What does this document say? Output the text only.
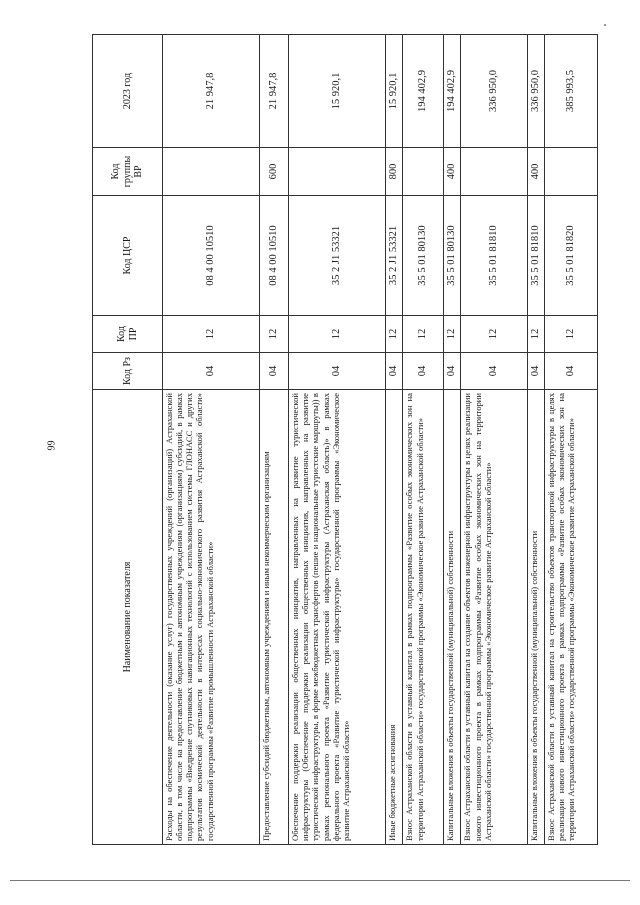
99
Наименование показателя	Код Рз	Код ПР	Код ЦСР	Код группы ВР	2023 год
Расходы на обеспечение деятельности (оказание услуг) государственных учреждений (организаций) Астраханской области, в том числе на предоставление бюджетным и автономным учреждениям (организациям) субсидий, в рамках подпрограммы «Внедрение спутниковых навигационных технологий с использованием системы ГЛОНАСС и других результатов космической деятельности в интересах социально-экономического развития Астраханской области» государственной программы «Развитие промышленности Астраханской области»	04	12	08 4 00 10510		21 947,8
Предоставление субсидий бюджетным, автономным учреждениям и иным некоммерческим организациям	04	12	08 4 00 10510	600	21 947,8
Обеспечение поддержки реализации общественных инициатив, направленных на развитие туристической инфраструктуры (Обеспечение поддержки реализации общественных инициатив, направленных на развитие туристической инфраструктуры, в форме межбюджетных трансфертов (пешие и национальные туристские маршруты)) в рамках регионального проекта «Развитие туристической инфраструктуры (Астраханская область)» в рамках федерального проекта «Развитие туристической инфраструктуры» государственной программы «Экономическое развитие Астраханской области»	04	12	35 2 J1 53321		15 920,1
Иные бюджетные ассигнования	04	12	35 2 J1 53321	800	15 920,1
Взнос Астраханской области в уставный капитал в рамках подпрограммы «Развитие особых экономических зон на территории Астраханской области» государственной программы «Экономическое развитие Астраханской области»	04	12	35 5 01 80130		194 402,9
Капитальные вложения в объекты государственной (муниципальной) собственности	04	12	35 5 01 80130	400	194 402,9
Взнос Астраханской области в уставный капитал на создание объектов инженерной инфраструктуры в целях реализации нового инвестиционного проекта в рамках подпрограммы «Развитие особых экономических зон на территории Астраханской области» государственной программы «Экономическое развитие Астраханской области»	04	12	35 5 01 81810		336 950,0
Капитальные вложения в объекты государственной (муниципальной) собственности	04	12	35 5 01 81810	400	336 950,0
Взнос Астраханской области в уставный капитал на строительство объектов транспортной инфраструктуры в целях реализации нового инвестиционного проекта в рамках подпрограммы «Развитие особых экономических зон на территории Астраханской области» государственной программы «Экономическое развитие Астраханской области»	04	12	35 5 01 81820		385 993,5
